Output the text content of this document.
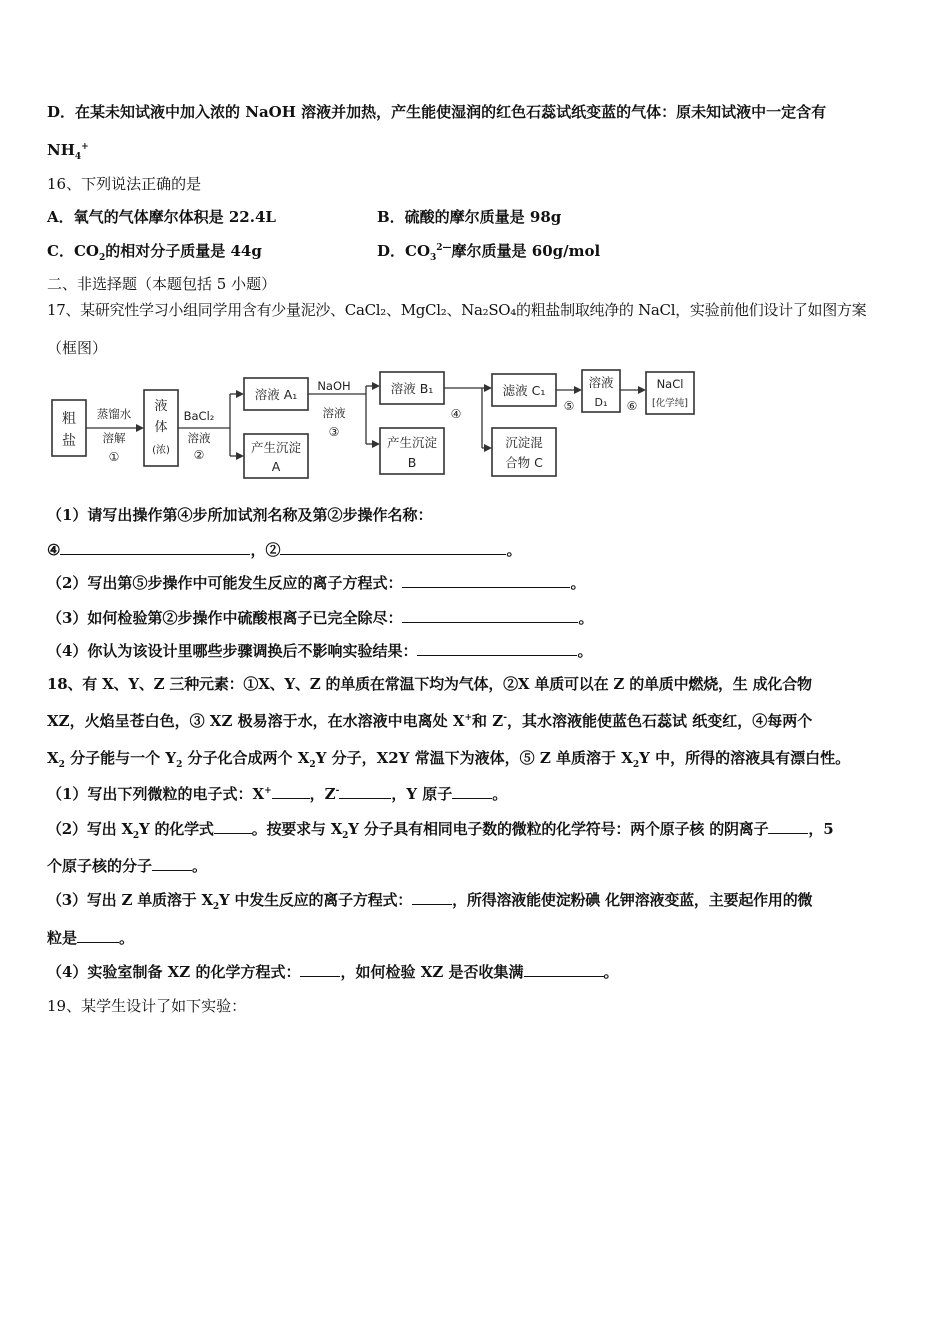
D．在某未知试液中加入浓的 NaOH 溶液并加热，产生能使湿润的红色石蕊试纸变蓝的气体：原未知试液中一定含有
$NH_4^+$
16、下列说法正确的是
A．氧气的气体摩尔体积是 22.4L	B．硫酸的摩尔质量是 98g
C．$CO_2$的相对分子质量是 44g	D．$CO_3^{2—}$摩尔质量是 60g/mol
二、非选择题（本题包括 5 小题）
17、某研究性学习小组同学用含有少量泥沙、CaCl₂、MgCl₂、Na₂SO₄的粗盐制取纯净的 NaCl，实验前他们设计了如图方案
（框图）
粗
盐
蒸馏水
溶解
①
液
体
(浓)
BaCl₂
溶液
②
溶液 A₁
产生沉淀
A
NaOH
溶液
③
溶液 B₁
产生沉淀
B
④
滤液 C₁
沉淀混
合物 C
⑤
溶液
D₁ ⑥
NaCl
[化学纯]
（1）请写出操作第④步所加试剂名称及第②步操作名称：
④	，②	。
（2）写出第⑤步操作中可能发生反应的离子方程式：	。
（3）如何检验第②步操作中硫酸根离子已完全除尽：	。
（4）你认为该设计里哪些步骤调换后不影响实验结果：	。
18、有 X、Y、Z 三种元素：①X、Y、Z 的单质在常温下均为气体，②X 单质可以在 Z 的单质中燃烧，生 成化合物
XZ，火焰呈苍白色，③ XZ 极易溶于水，在水溶液中电离处 X+和 Z-，其水溶液能使蓝色石蕊试 纸变红，④每两个
$X_2$ 分子能与一个 $Y_2$ 分子化合成两个 $X_2Y$ 分子，X2Y 常温下为液体，⑤ Z 单质溶于 $X_2Y$ 中，所得的溶液具有漂白性。
（1）写出下列微粒的电子式：X+	，Z-	，Y 原子	。
（2）写出 $X_2Y$ 的化学式	。按要求与 $X_2Y$ 分子具有相同电子数的微粒的化学符号：两个原子核 的阴离子	，5
个原子核的分子	。
（3）写出 Z 单质溶于 $X_2Y$ 中发生反应的离子方程式：	，所得溶液能使淀粉碘 化钾溶液变蓝，主要起作用的微
粒是	。
（4）实验室制备 XZ 的化学方程式：	，如何检验 XZ 是否收集满	。
19、某学生设计了如下实验：
